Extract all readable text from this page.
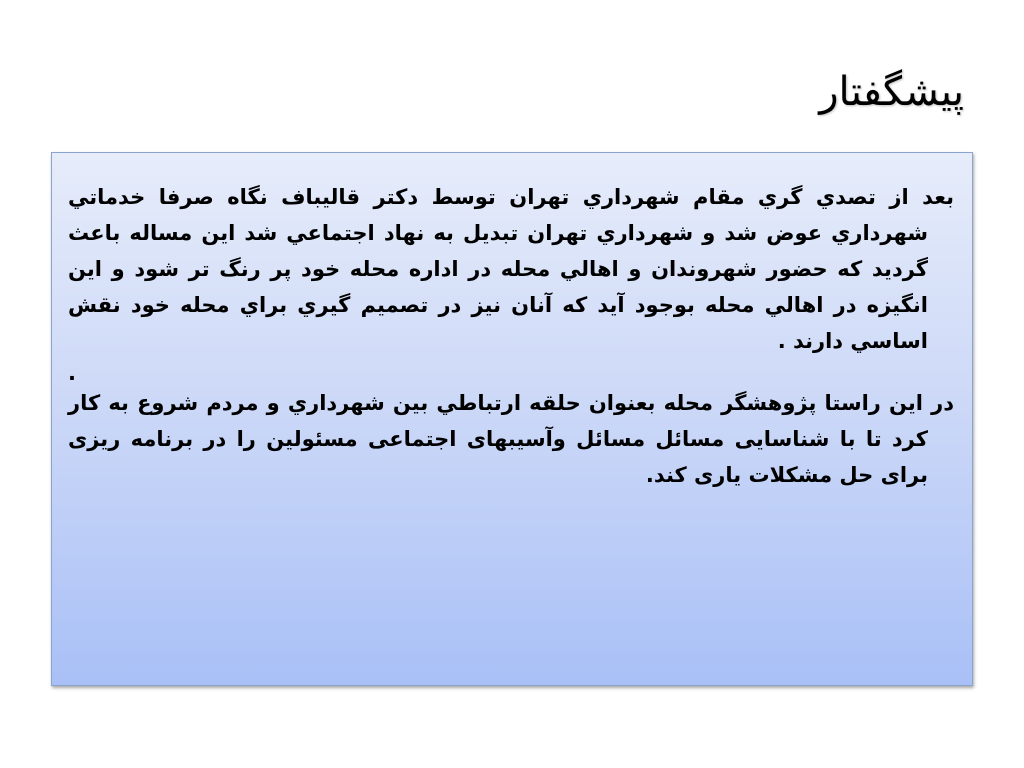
پیشگفتار

بعد از تصدي گري مقام شهرداري تهران توسط دكتر قاليباف نگاه صرفا خدماتي شهرداري عوض شد و شهرداري تهران تبديل به نهاد اجتماعي شد اين مساله باعث گرديد كه حضور شهروندان و اهالي محله در اداره محله خود پر رنگ تر شود و اين انگيزه در اهالي محله بوجود آيد كه آنان نيز در تصميم گيري براي محله خود نقش اساسي دارند .

.

در این راستا پژوهشگر محله بعنوان حلقه ارتباطي بین شهرداري و مردم شروع به کار کرد تا با شناسایی مسائل مسائل وآسیبهای اجتماعی مسئولین را در برنامه ریزی برای حل مشکلات یاری کند.
